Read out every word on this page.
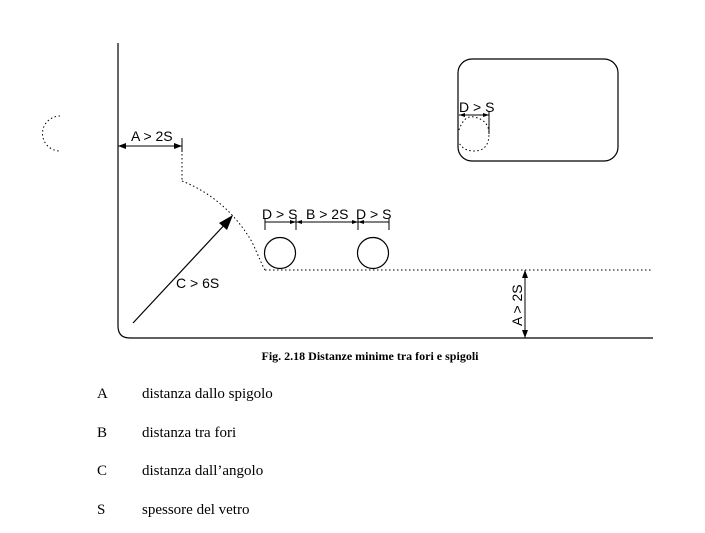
A > 2S
C > 6S
D > S B > 2S D > S
A > 2S
D > S
Fig. 2.18 Distanze minime tra fori e spigoli
A distanza dallo spigolo
B distanza tra fori
C distanza dall’angolo
S spessore del vetro
